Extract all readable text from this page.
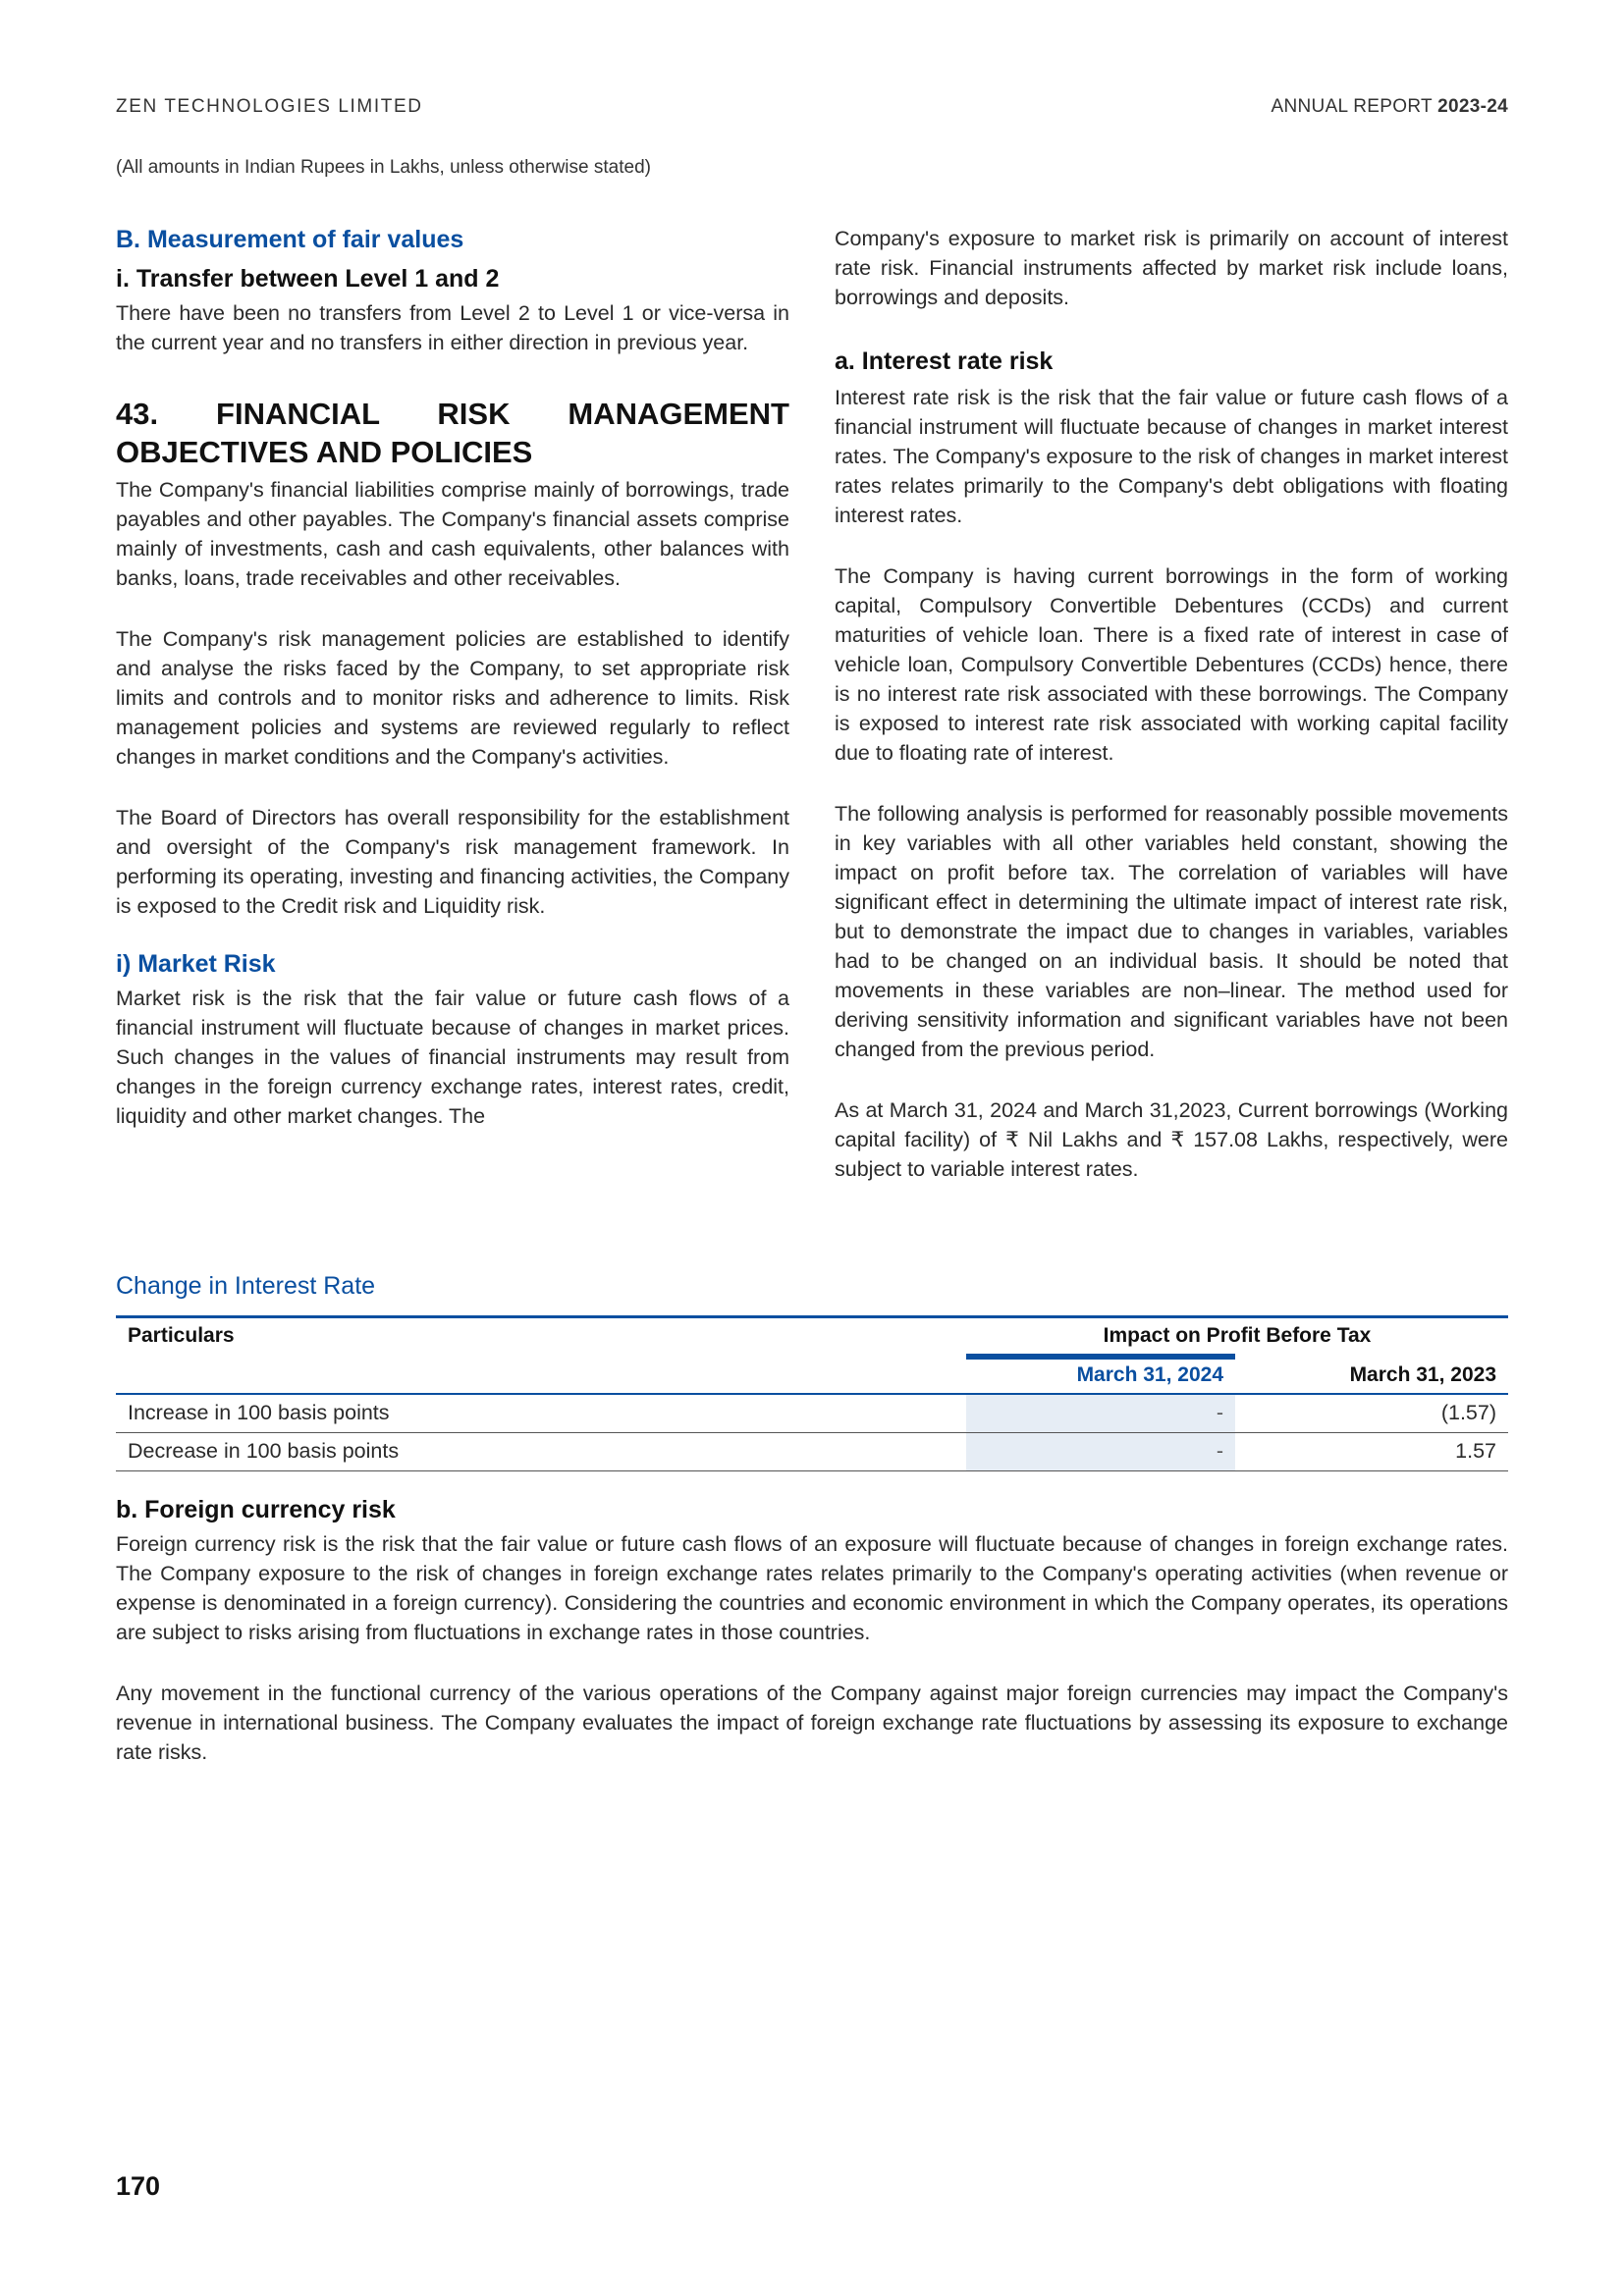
ZEN TECHNOLOGIES LIMITED	ANNUAL REPORT 2023-24
(All amounts in Indian Rupees in Lakhs, unless otherwise stated)
B. Measurement of fair values
i. Transfer between Level 1 and 2

There have been no transfers from Level 2 to Level 1 or vice-versa in the current year and no transfers in either direction in previous year.

43. FINANCIAL RISK MANAGEMENT
OBJECTIVES AND POLICIES

The Company's financial liabilities comprise mainly of borrowings, trade payables and other payables. The Company's financial assets comprise mainly of investments, cash and cash equivalents, other balances with banks, loans, trade receivables and other receivables.

The Company's risk management policies are established to identify and analyse the risks faced by the Company, to set appropriate risk limits and controls and to monitor risks and adherence to limits. Risk management policies and systems are reviewed regularly to reflect changes in market conditions and the Company's activities.

The Board of Directors has overall responsibility for the establishment and oversight of the Company's risk management framework. In performing its operating, investing and financing activities, the Company is exposed to the Credit risk and Liquidity risk.

i) Market Risk

Market risk is the risk that the fair value or future cash flows of a financial instrument will fluctuate because of changes in market prices. Such changes in the values of financial instruments may result from changes in the foreign currency exchange rates, interest rates, credit, liquidity and other market changes. The

Company's exposure to market risk is primarily on account of interest rate risk. Financial instruments affected by market risk include loans, borrowings and deposits.

a. Interest rate risk

Interest rate risk is the risk that the fair value or future cash flows of a financial instrument will fluctuate because of changes in market interest rates. The Company's exposure to the risk of changes in market interest rates relates primarily to the Company's debt obligations with floating interest rates.

The Company is having current borrowings in the form of working capital, Compulsory Convertible Debentures (CCDs) and current maturities of vehicle loan. There is a fixed rate of interest in case of vehicle loan, Compulsory Convertible Debentures (CCDs) hence, there is no interest rate risk associated with these borrowings. The Company is exposed to interest rate risk associated with working capital facility due to floating rate of interest.

The following analysis is performed for reasonably possible movements in key variables with all other variables held constant, showing the impact on profit before tax. The correlation of variables will have significant effect in determining the ultimate impact of interest rate risk, but to demonstrate the impact due to changes in variables, variables had to be changed on an individual basis. It should be noted that movements in these variables are non–linear. The method used for deriving sensitivity information and significant variables have not been changed from the previous period.

As at March 31, 2024 and March 31,2023, Current borrowings (Working capital facility) of ₹ Nil Lakhs and ₹ 157.08 Lakhs, respectively, were subject to variable interest rates.

Change in Interest Rate
Particulars	Impact on Profit Before Tax
March 31, 2024	March 31, 2023
Increase in 100 basis points	-	(1.57)
Decrease in 100 basis points	-	1.57
b. Foreign currency risk

Foreign currency risk is the risk that the fair value or future cash flows of an exposure will fluctuate because of changes in foreign exchange rates. The Company exposure to the risk of changes in foreign exchange rates relates primarily to the Company's operating activities (when revenue or expense is denominated in a foreign currency). Considering the countries and economic environment in which the Company operates, its operations are subject to risks arising from fluctuations in exchange rates in those countries.

Any movement in the functional currency of the various operations of the Company against major foreign currencies may impact the Company's revenue in international business. The Company evaluates the impact of foreign exchange rate fluctuations by assessing its exposure to exchange rate risks.

170
